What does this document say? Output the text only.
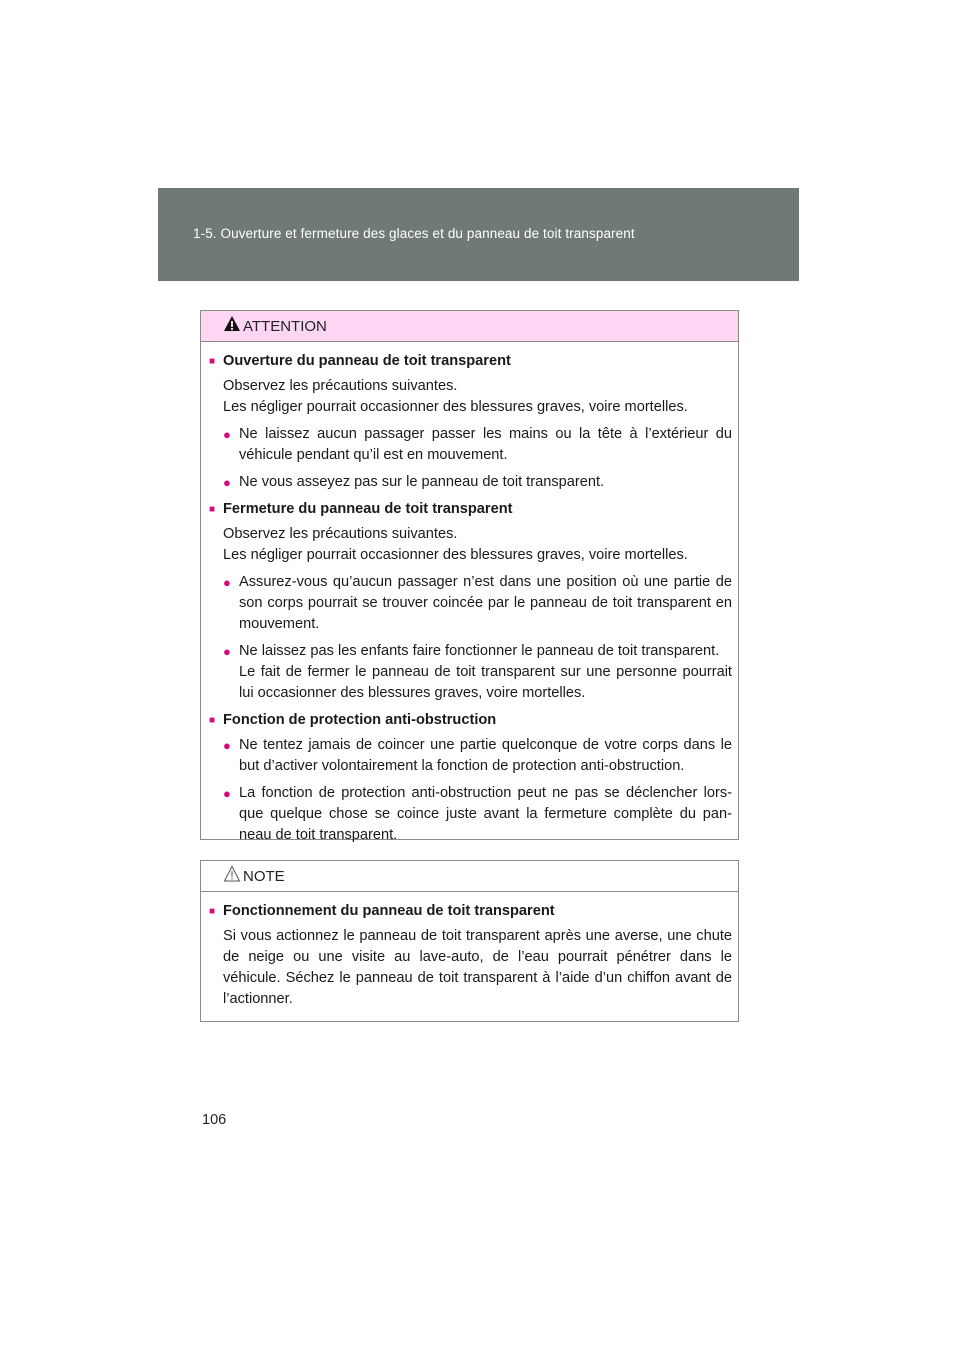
1-5. Ouverture et fermeture des glaces et du panneau de toit transparent
ATTENTION
■ Ouverture du panneau de toit transparent
Observez les précautions suivantes.
Les négliger pourrait occasionner des blessures graves, voire mortelles.
● Ne laissez aucun passager passer les mains ou la tête à l’extérieur du véhicule pendant qu’il est en mouvement.
● Ne vous asseyez pas sur le panneau de toit transparent.
■ Fermeture du panneau de toit transparent
Observez les précautions suivantes.
Les négliger pourrait occasionner des blessures graves, voire mortelles.
● Assurez-vous qu’aucun passager n’est dans une position où une partie de son corps pourrait se trouver coincée par le panneau de toit transparent en mouvement.
● Ne laissez pas les enfants faire fonctionner le panneau de toit transparent.
Le fait de fermer le panneau de toit transparent sur une personne pourrait lui occasionner des blessures graves, voire mortelles.
■ Fonction de protection anti-obstruction
● Ne tentez jamais de coincer une partie quelconque de votre corps dans le but d’activer volontairement la fonction de protection anti-obstruction.
● La fonction de protection anti-obstruction peut ne pas se déclencher lors-que quelque chose se coince juste avant la fermeture complète du pan-neau de toit transparent.
NOTE
■ Fonctionnement du panneau de toit transparent
Si vous actionnez le panneau de toit transparent après une averse, une chute de neige ou une visite au lave-auto, de l’eau pourrait pénétrer dans le véhicule. Séchez le panneau de toit transparent à l’aide d’un chiffon avant de l’actionner.
106
